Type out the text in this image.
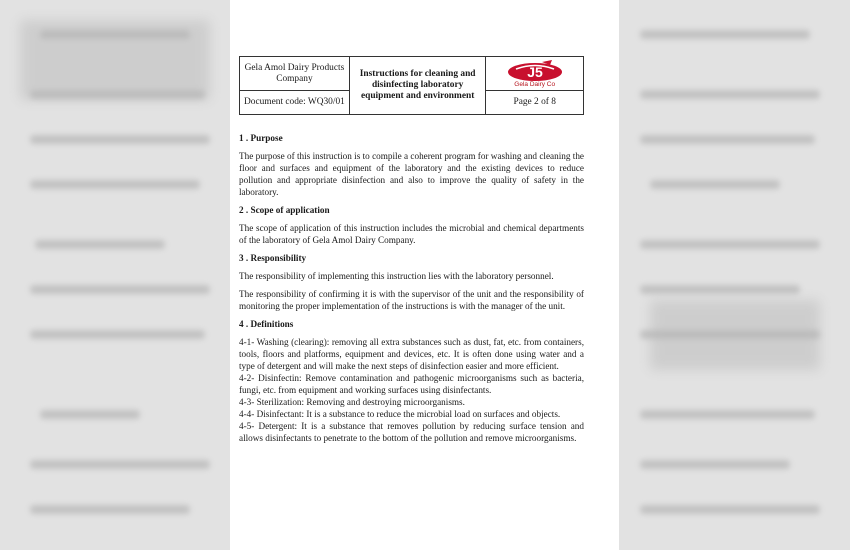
Gela Amol Dairy Products Company	Instructions for cleaning and disinfecting laboratory equipment and environment	J5
Gela Dairy Co

Document code: WQ30/01		Page 2 of 8
1 . Purpose

The purpose of this instruction is to compile a coherent program for washing and cleaning the floor and surfaces and equipment of the laboratory and the existing devices to reduce pollution and appropriate disinfection and also to improve the quality of safety in the laboratory.

2 . Scope of application

The scope of application of this instruction includes the microbial and chemical departments of the laboratory of Gela Amol Dairy Company.

3 . Responsibility

The responsibility of implementing this instruction lies with the laboratory personnel.

The responsibility of confirming it is with the supervisor of the unit and the responsibility of monitoring the proper implementation of the instructions is with the manager of the unit.

4 . Definitions

4-1- Washing (clearing): removing all extra substances such as dust, fat, etc. from containers, tools, floors and platforms, equipment and devices, etc. It is often done using water and a type of detergent and will make the next steps of disinfection easier and more efficient.

4-2- Disinfectin: Remove contamination and pathogenic microorganisms such as bacteria, fungi, etc. from equipment and working surfaces using disinfectants.

4-3- Sterilization: Removing and destroying microorganisms.

4-4- Disinfectant: It is a substance to reduce the microbial load on surfaces and objects.

4-5- Detergent: It is a substance that removes pollution by reducing surface tension and allows disinfectants to penetrate to the bottom of the pollution and remove microorganisms.
